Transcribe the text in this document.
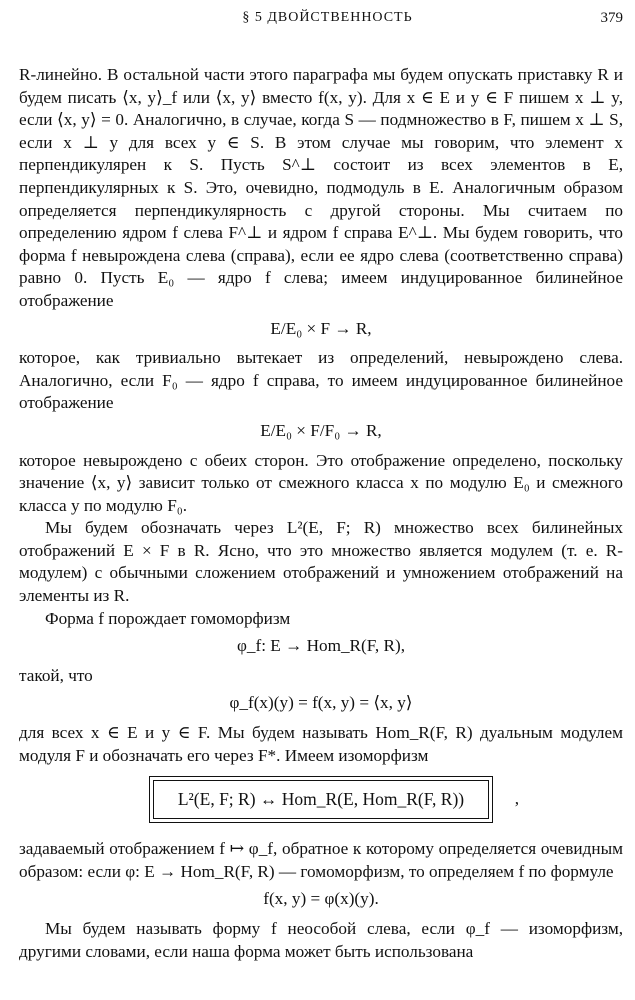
§ 5 ДВОЙСТВЕННОСТЬ	379

R-линейно. В остальной части этого параграфа мы будем опускать приставку R и будем писать ⟨x, y⟩_f или ⟨x, y⟩ вместо f(x, y). Для x ∈ E и y ∈ F пишем x ⊥ y, если ⟨x, y⟩ = 0. Аналогично, в случае, когда S — подмножество в F, пишем x ⊥ S, если x ⊥ y для всех y ∈ S. В этом случае мы говорим, что элемент x перпендикулярен к S. Пусть S^⊥ состоит из всех элементов в E, перпендикулярных к S. Это, очевидно, подмодуль в E. Аналогичным образом определяется перпендикулярность с другой стороны. Мы считаем по определению ядром f слева F^⊥ и ядром f справа E^⊥. Мы будем говорить, что форма f невырождена слева (справа), если ее ядро слева (соответственно справа) равно 0. Пусть E₀ — ядро f слева; имеем индуцированное билинейное отображение

E/E₀ × F → R,

которое, как тривиально вытекает из определений, невырождено слева. Аналогично, если F₀ — ядро f справа, то имеем индуцированное билинейное отображение

E/E₀ × F/F₀ → R,

которое невырождено с обеих сторон. Это отображение определено, поскольку значение ⟨x, y⟩ зависит только от смежного класса x по модулю E₀ и смежного класса y по модулю F₀.

Мы будем обозначать через L²(E, F; R) множество всех билинейных отображений E × F в R. Ясно, что это множество является модулем (т. е. R-модулем) с обычными сложением отображений и умножением отображений на элементы из R.

Форма f порождает гомоморфизм

φ_f: E → Hom_R(F, R),

такой, что

φ_f(x)(y) = f(x, y) = ⟨x, y⟩

для всех x ∈ E и y ∈ F. Мы будем называть Hom_R(F, R) дуальным модулем модуля F и обозначать его через F*. Имеем изоморфизм

L²(E, F; R) ↔ Hom_R(E, Hom_R(F, R))	,

задаваемый отображением f ↦ φ_f, обратное к которому определяется очевидным образом: если φ: E → Hom_R(F, R) — гомоморфизм, то определяем f по формуле

f(x, y) = φ(x)(y).

Мы будем называть форму f неособой слева, если φ_f — изоморфизм, другими словами, если наша форма может быть использована
